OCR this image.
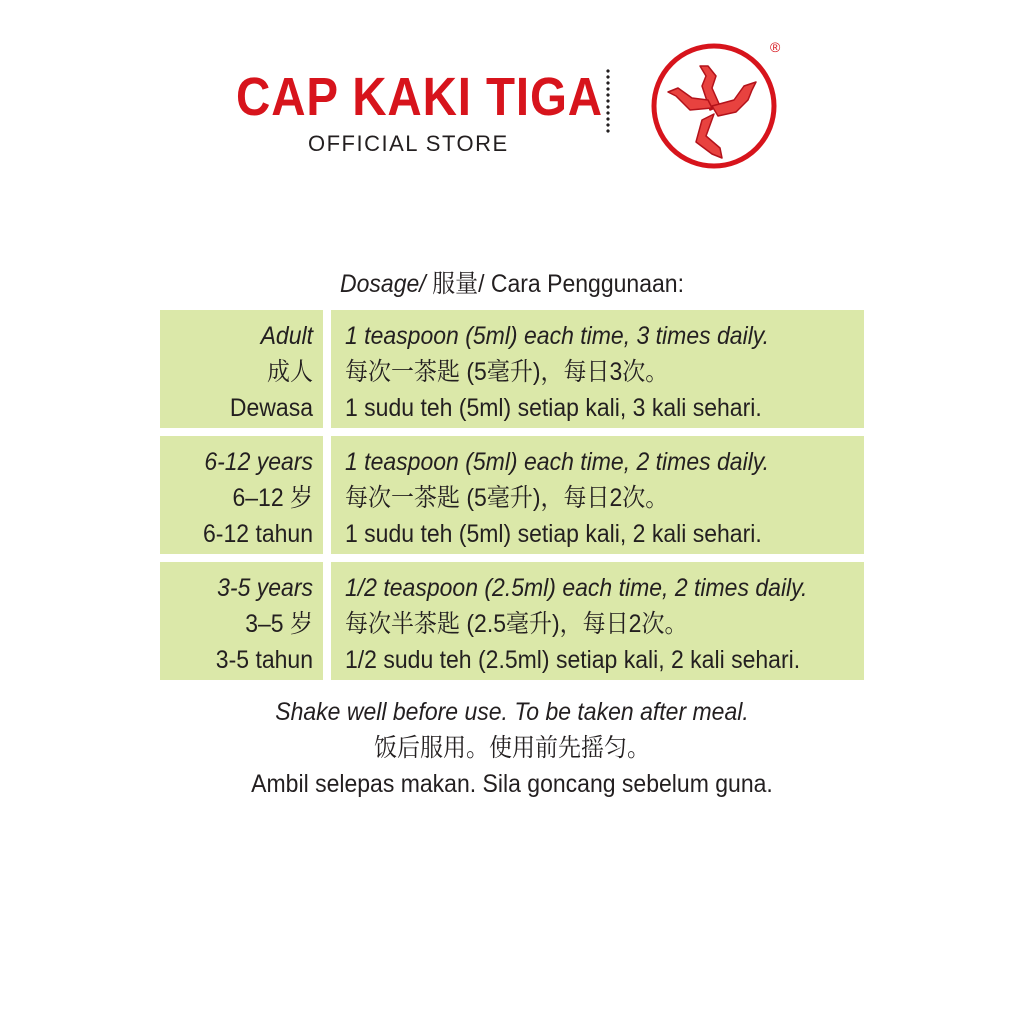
CAP KAKI TIGA
OFFICIAL STORE
®
Dosage/ 服量/ Cara Penggunaan:
Adult
成人
Dewasa
1 teaspoon (5ml) each time, 3 times daily.
每次一茶匙 (5毫升)，每日3次。
1 sudu teh (5ml) setiap kali, 3 kali sehari.
6-12 years
6–12 岁
6-12 tahun
1 teaspoon (5ml) each time, 2 times daily.
每次一茶匙 (5毫升)，每日2次。
1 sudu teh (5ml) setiap kali, 2 kali sehari.
3-5 years
3–5 岁
3-5 tahun
1/2 teaspoon (2.5ml) each time, 2 times daily.
每次半茶匙 (2.5毫升)，每日2次。
1/2 sudu teh (2.5ml) setiap kali, 2 kali sehari.
Shake well before use. To be taken after meal.
饭后服用。使用前先摇匀。
Ambil selepas makan. Sila goncang sebelum guna.
